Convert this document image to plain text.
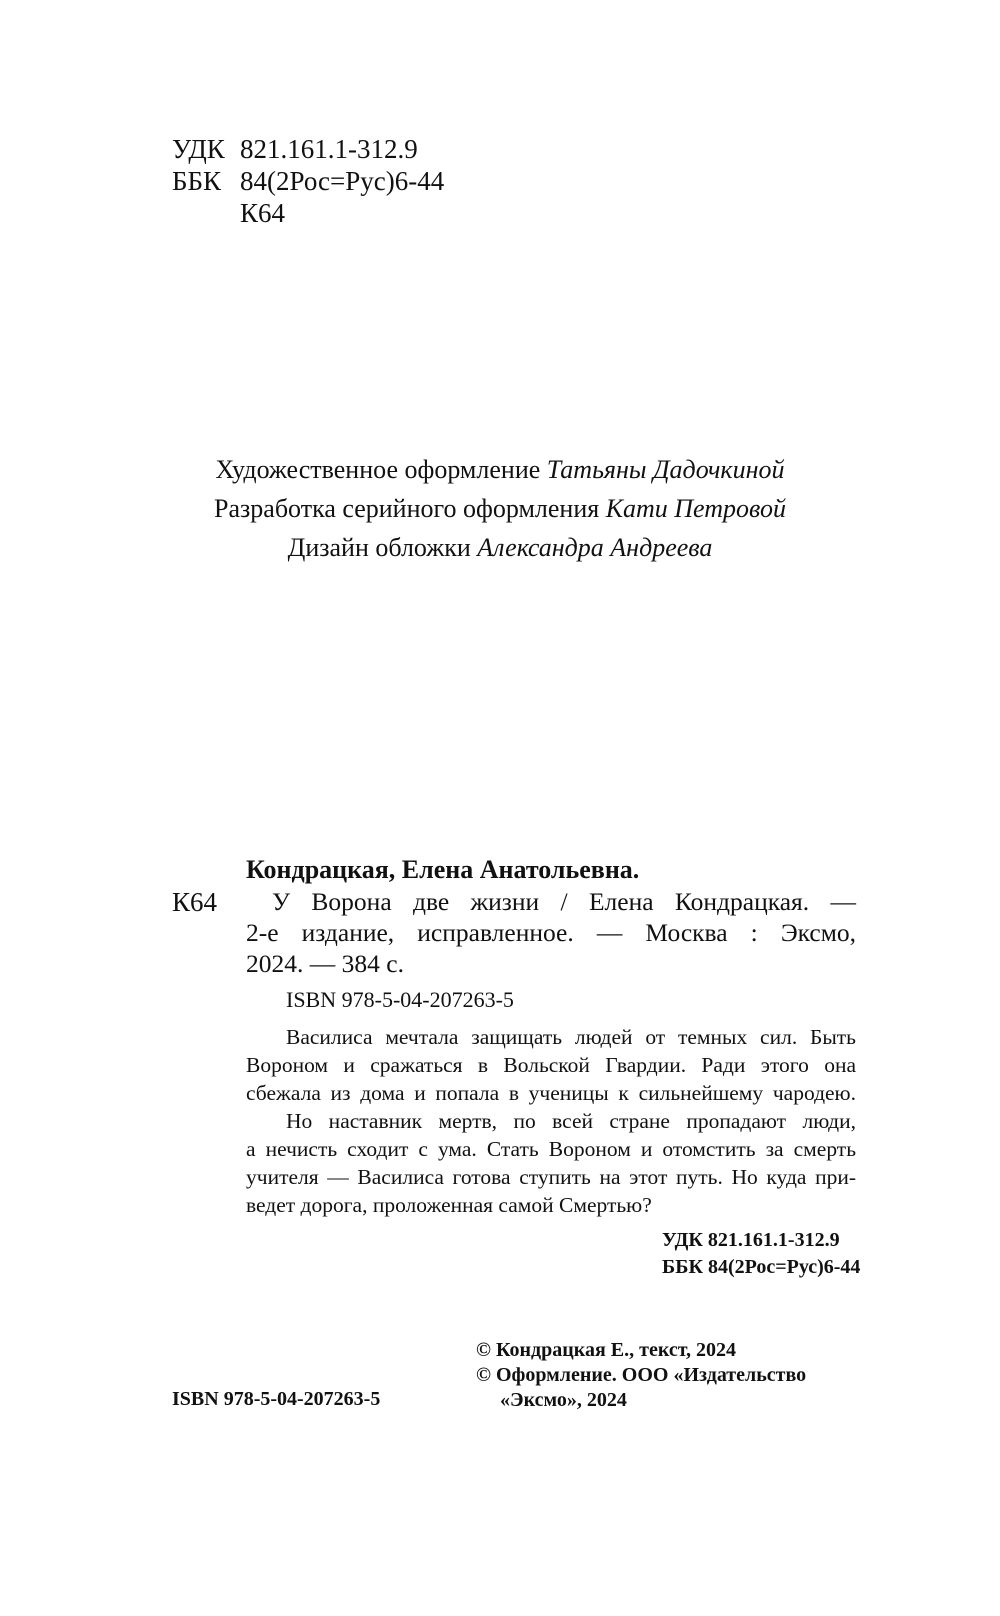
УДК 821.161.1-312.9
ББК 84(2Рос=Рус)6-44
К64
Художественное оформление Татьяны Дадочкиной
Разработка серийного оформления Кати Петровой
Дизайн обложки Александра Андреева
Кондрацкая, Елена Анатольевна.
К64 У Ворона две жизни / Елена Кондрацкая. —
2-е издание, исправленное. — Москва : Эксмо,
2024. — 384 с.
ISBN 978-5-04-207263-5
Василиса мечтала защищать людей от темных сил. Быть
Вороном и сражаться в Вольской Гвардии. Ради этого она
сбежала из дома и попала в ученицы к сильнейшему чародею.
Но наставник мертв, по всей стране пропадают люди,
а нечисть сходит с ума. Стать Вороном и отомстить за смерть
учителя — Василиса готова ступить на этот путь. Но куда при-
ведет дорога, проложенная самой Смертью?
УДК 821.161.1-312.9
ББК 84(2Рос=Рус)6-44
ISBN 978-5-04-207263-5
© Кондрацкая Е., текст, 2024
© Оформление. ООО «Издательство
«Эксмо», 2024
